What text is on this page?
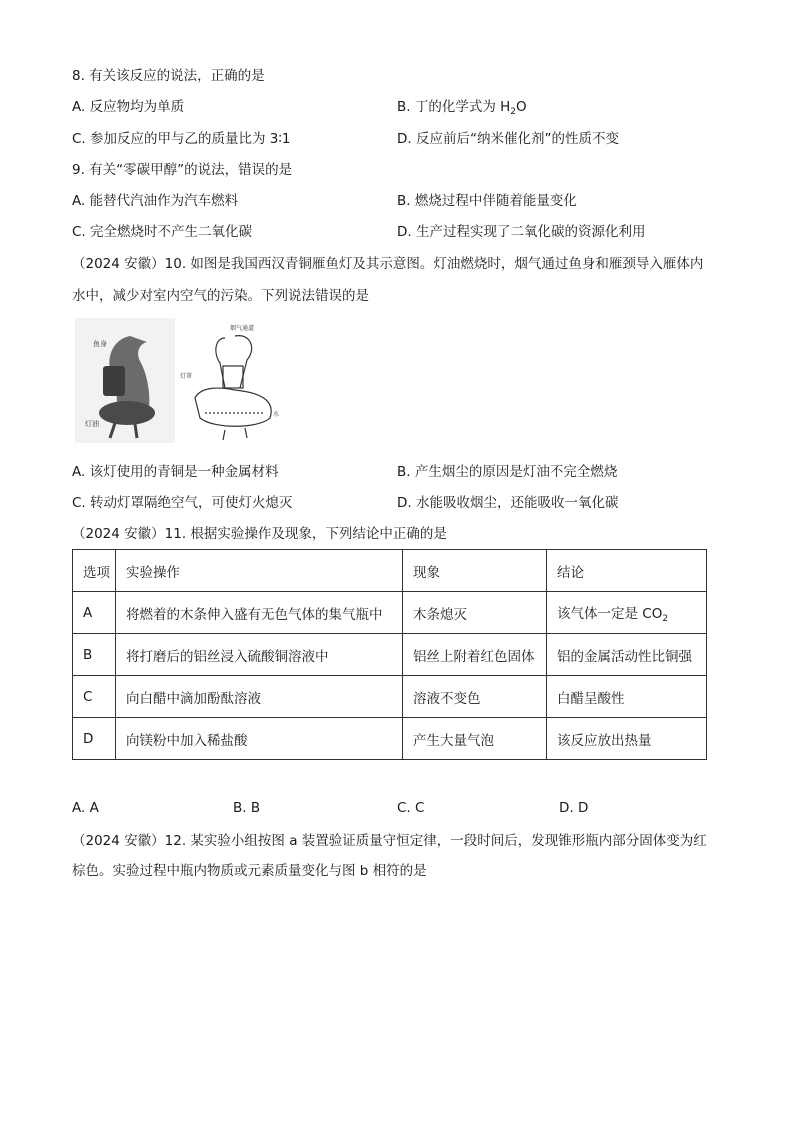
8. 有关该反应的说法，正确的是
A. 反应物均为单质	B. 丁的化学式为 $H_2O$
C. 参加反应的甲与乙的质量比为 3∶1	D. 反应前后“纳米催化剂”的性质不变
9. 有关“零碳甲醇”的说法，错误的是
A. 能替代汽油作为汽车燃料	B. 燃烧过程中伴随着能量变化
C. 完全燃烧时不产生二氧化碳	D. 生产过程实现了二氧化碳的资源化利用
（2024 安徽）10. 如图是我国西汉青铜雁鱼灯及其示意图。灯油燃烧时，烟气通过鱼身和雁颈导入雁体内
水中，减少对室内空气的污染。下列说法错误的是
鱼身
灯油
烟气通道
灯罩
水
A. 该灯使用的青铜是一种金属材料	B. 产生烟尘的原因是灯油不完全燃烧
C. 转动灯罩隔绝空气，可使灯火熄灭	D. 水能吸收烟尘，还能吸收一氧化碳
（2024 安徽）11. 根据实验操作及现象，下列结论中正确的是
选项	实验操作	现象	结论
A	将燃着的木条伸入盛有无色气体的集气瓶中	木条熄灭	该气体一定是 $CO_2$
B	将打磨后的铝丝浸入硫酸铜溶液中	铝丝上附着红色固体	铝的金属活动性比铜强
C	向白醋中滴加酚酞溶液	溶液不变色	白醋呈酸性
D	向镁粉中加入稀盐酸	产生大量气泡	该反应放出热量
A. A	B. B	C. C	D. D
（2024 安徽）12. 某实验小组按图 a 装置验证质量守恒定律，一段时间后，发现锥形瓶内部分固体变为红
棕色。实验过程中瓶内物质或元素质量变化与图 b 相符的是
